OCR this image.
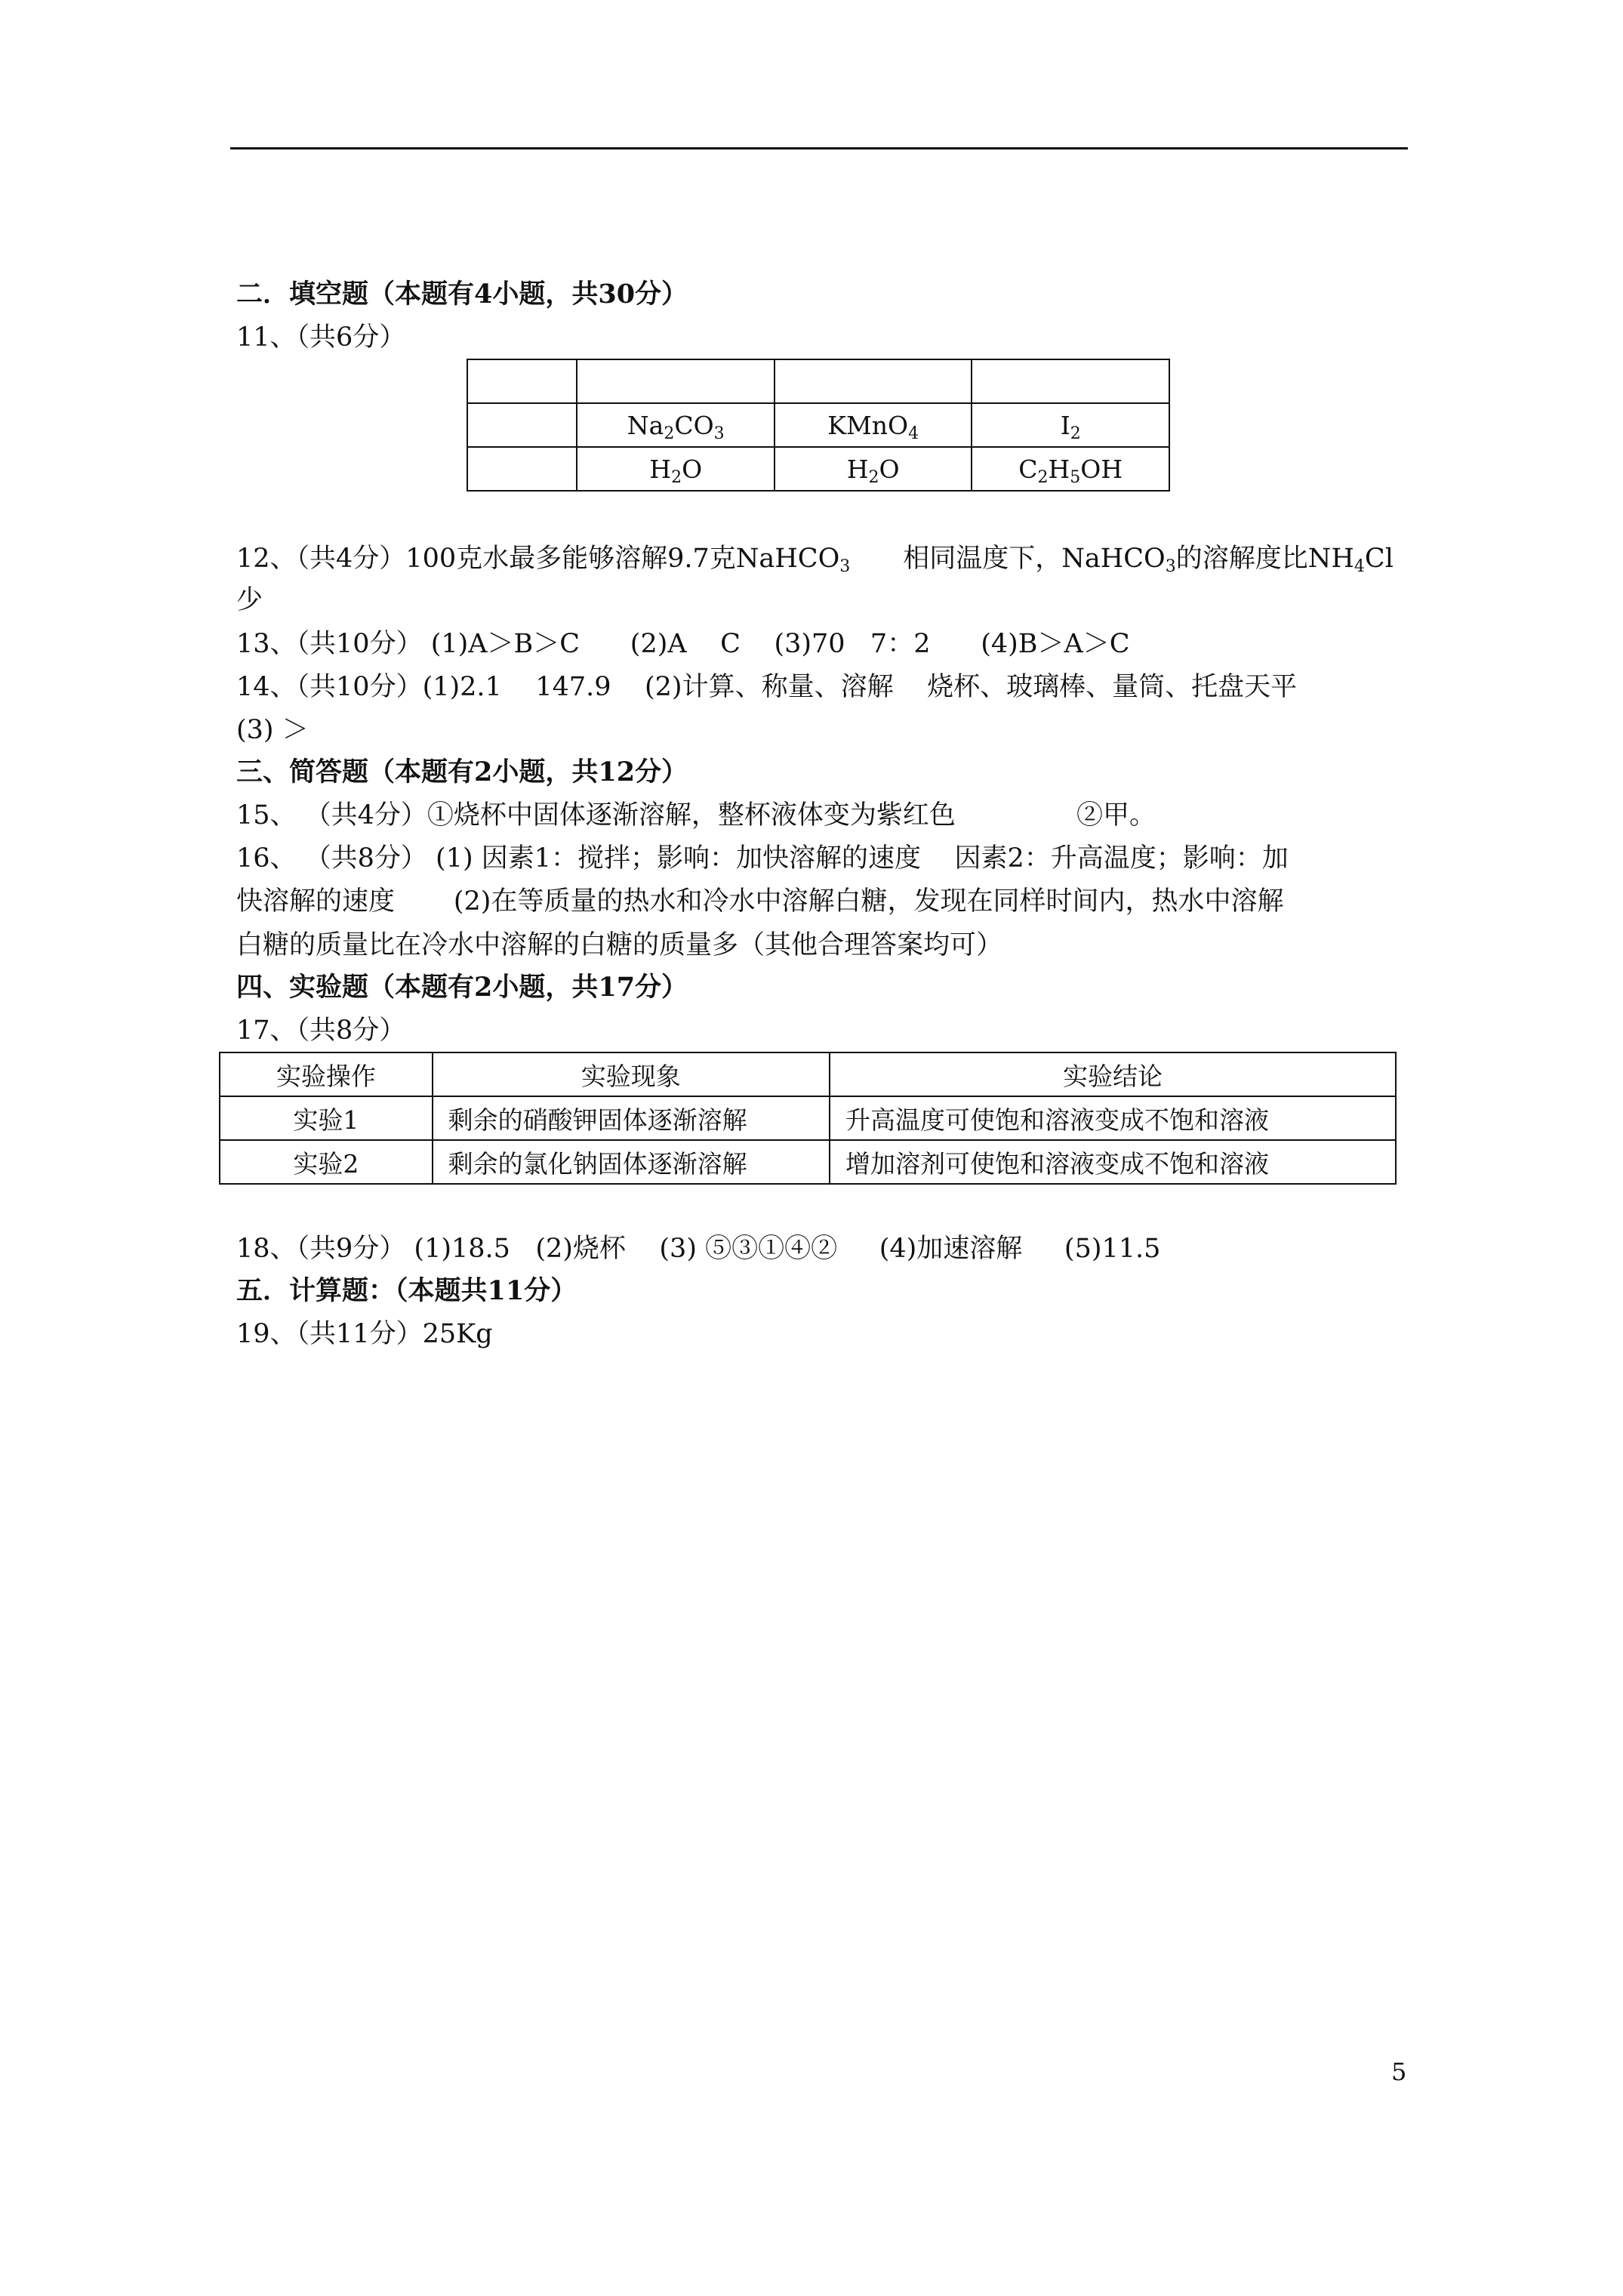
二．填空题（本题有4小题，共30分）
11、（共6分）

	$Na_2CO_3$	KMnO$_4$	$I_2$
	$H_2O$	$H_2O$	$C_2H_5OH$
12、（共4分）100克水最多能够溶解9.7克NaHCO$_3$ 相同温度下，NaHCO$_3$的溶解度比$NH_4Cl$
少
13、（共10分） (1)A＞B＞C      (2)A    C    (3)70   7：2      (4)B＞A＞C
14、（共10分）(1)2.1    147.9    (2)计算、称量、溶解    烧杯、玻璃棒、量筒、托盘天平
(3) ＞
三、简答题（本题有2小题，共12分）
15、 （共4分）①烧杯中固体逐渐溶解，整杯液体变为紫红色	②甲。
16、 （共8分） (1) 因素1：搅拌；影响：加快溶解的速度    因素2：升高温度；影响：加
快溶解的速度       (2)在等质量的热水和冷水中溶解白糖，发现在同样时间内，热水中溶解
白糖的质量比在冷水中溶解的白糖的质量多（其他合理答案均可）
四、实验题（本题有2小题，共17分）
17、（共8分）
实验操作	实验现象	实验结论
实验1	剩余的硝酸钾固体逐渐溶解	升高温度可使饱和溶液变成不饱和溶液
实验2	剩余的氯化钠固体逐渐溶解	增加溶剂可使饱和溶液变成不饱和溶液
18、（共9分） (1)18.5   (2)烧杯    (3) ⑤③①④②     (4)加速溶解     (5)11.5
五．计算题：（本题共11分）
19、（共11分）25Kg
5
